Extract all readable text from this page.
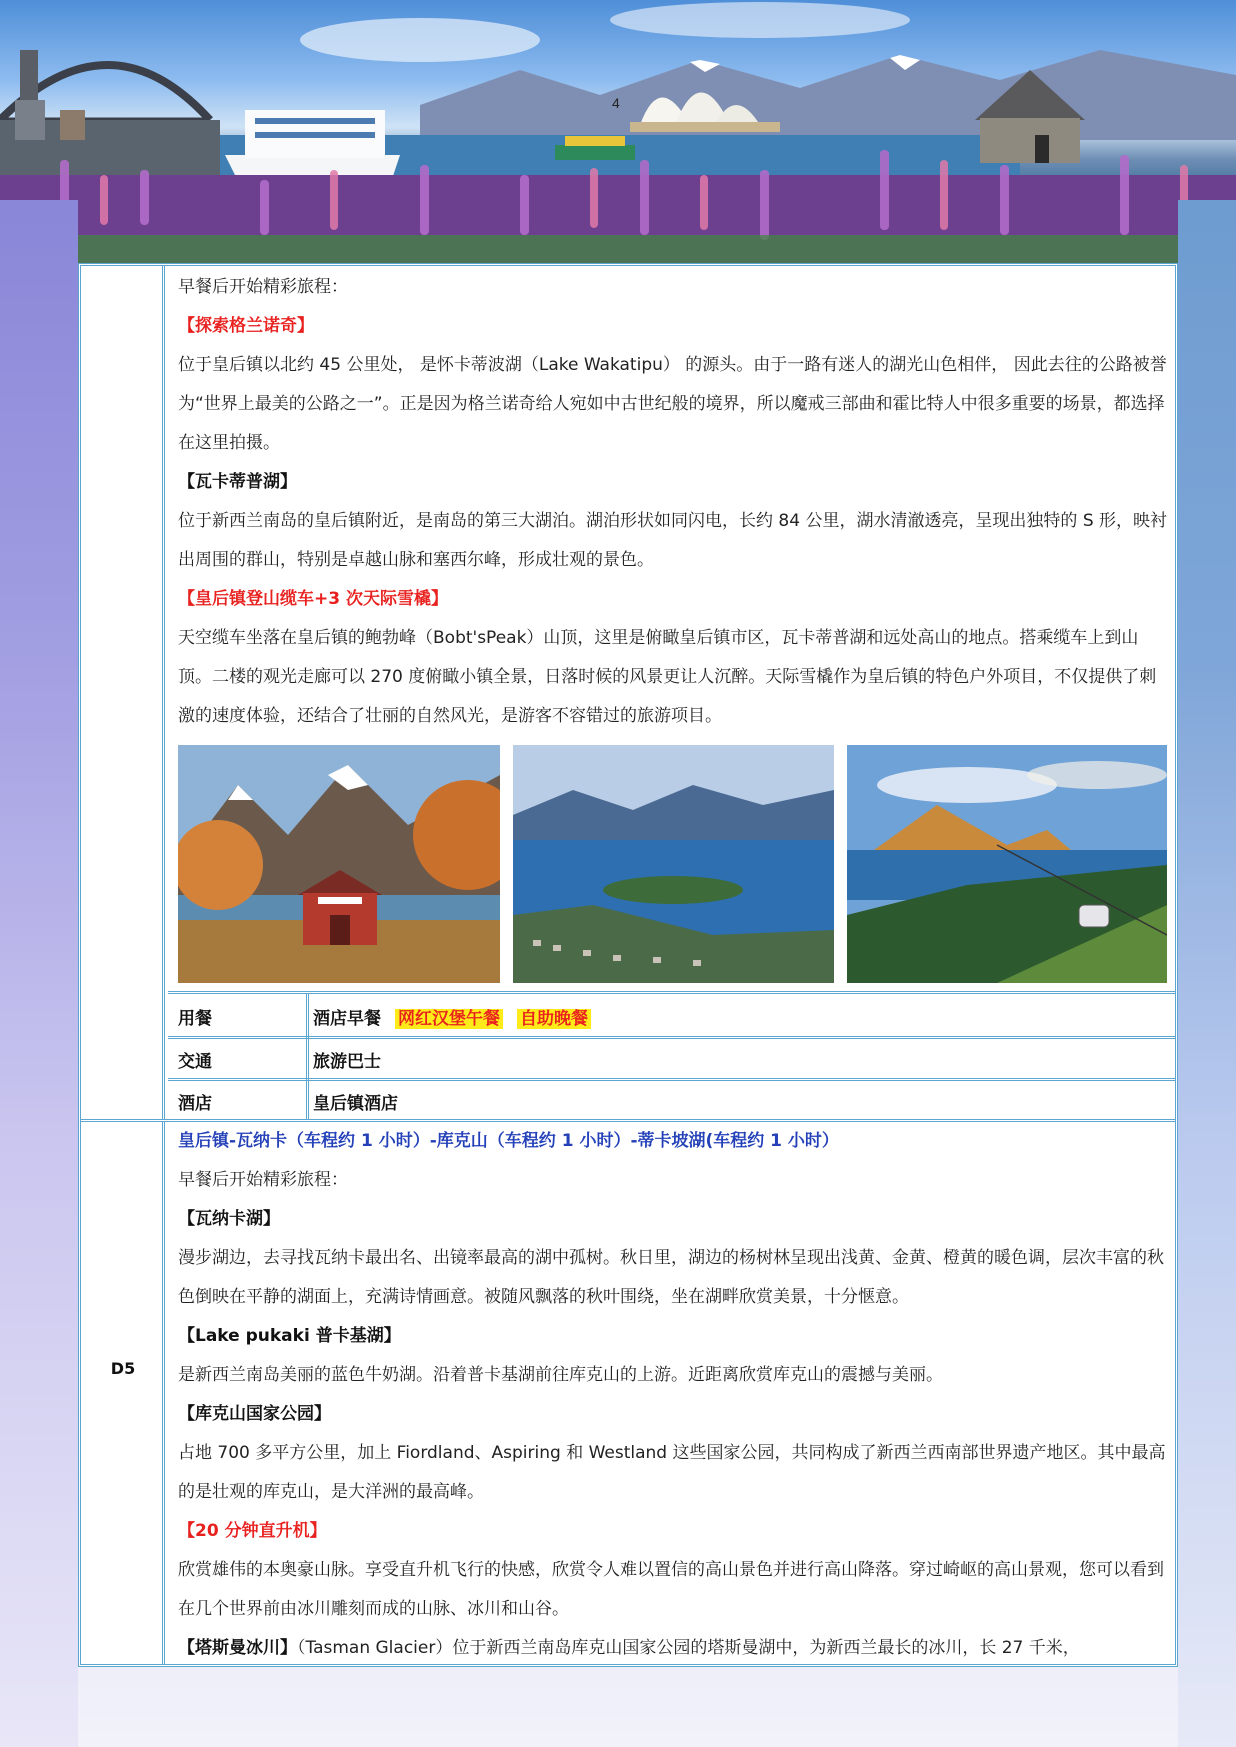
4

早餐后开始精彩旅程：

【探索格兰诺奇】

位于皇后镇以北约 45 公里处， 是怀卡蒂波湖（Lake Wakatipu） 的源头。由于一路有迷人的湖光山色相伴， 因此去往的公路被誉为“世界上最美的公路之一”。正是因为格兰诺奇给人宛如中古世纪般的境界，所以魔戒三部曲和霍比特人中很多重要的场景，都选择在这里拍摄。

【瓦卡蒂普湖】

位于新西兰南岛的皇后镇附近，是南岛的第三大湖泊。湖泊形状如同闪电，长约 84 公里，湖水清澈透亮，呈现出独特的 S 形，映衬出周围的群山，特别是卓越山脉和塞西尔峰，形成壮观的景色。

【皇后镇登山缆车+3 次天际雪橇】

天空缆车坐落在皇后镇的鲍勃峰（Bobt'sPeak）山顶，这里是俯瞰皇后镇市区，瓦卡蒂普湖和远处高山的地点。搭乘缆车上到山顶。二楼的观光走廊可以 270 度俯瞰小镇全景，日落时候的风景更让人沉醉。天际雪橇作为皇后镇的特色户外项目，不仅提供了刺激的速度体验，还结合了壮丽的自然风光，是游客不容错过的旅游项目。

用餐	酒店早餐 网红汉堡午餐 自助晚餐
交通	旅游巴士
酒店	皇后镇酒店
D5

皇后镇-瓦纳卡（车程约 1 小时）-库克山（车程约 1 小时）-蒂卡坡湖(车程约 1 小时）

早餐后开始精彩旅程：

【瓦纳卡湖】

漫步湖边，去寻找瓦纳卡最出名、出镜率最高的湖中孤树。秋日里，湖边的杨树林呈现出浅黄、金黄、橙黄的暖色调，层次丰富的秋色倒映在平静的湖面上，充满诗情画意。被随风飘落的秋叶围绕，坐在湖畔欣赏美景，十分惬意。

【Lake pukaki 普卡基湖】

是新西兰南岛美丽的蓝色牛奶湖。沿着普卡基湖前往库克山的上游。近距离欣赏库克山的震撼与美丽。

【库克山国家公园】

占地 700 多平方公里，加上 Fiordland、Aspiring 和 Westland 这些国家公园，共同构成了新西兰西南部世界遗产地区。其中最高的是壮观的库克山，是大洋洲的最高峰。

【20 分钟直升机】

欣赏雄伟的本奥豪山脉。享受直升机飞行的快感，欣赏令人难以置信的高山景色并进行高山降落。穿过崎岖的高山景观，您可以看到在几个世界前由冰川雕刻而成的山脉、冰川和山谷。

【塔斯曼冰川】（Tasman Glacier）位于新西兰南岛库克山国家公园的塔斯曼湖中，为新西兰最长的冰川，长 27 千米，
